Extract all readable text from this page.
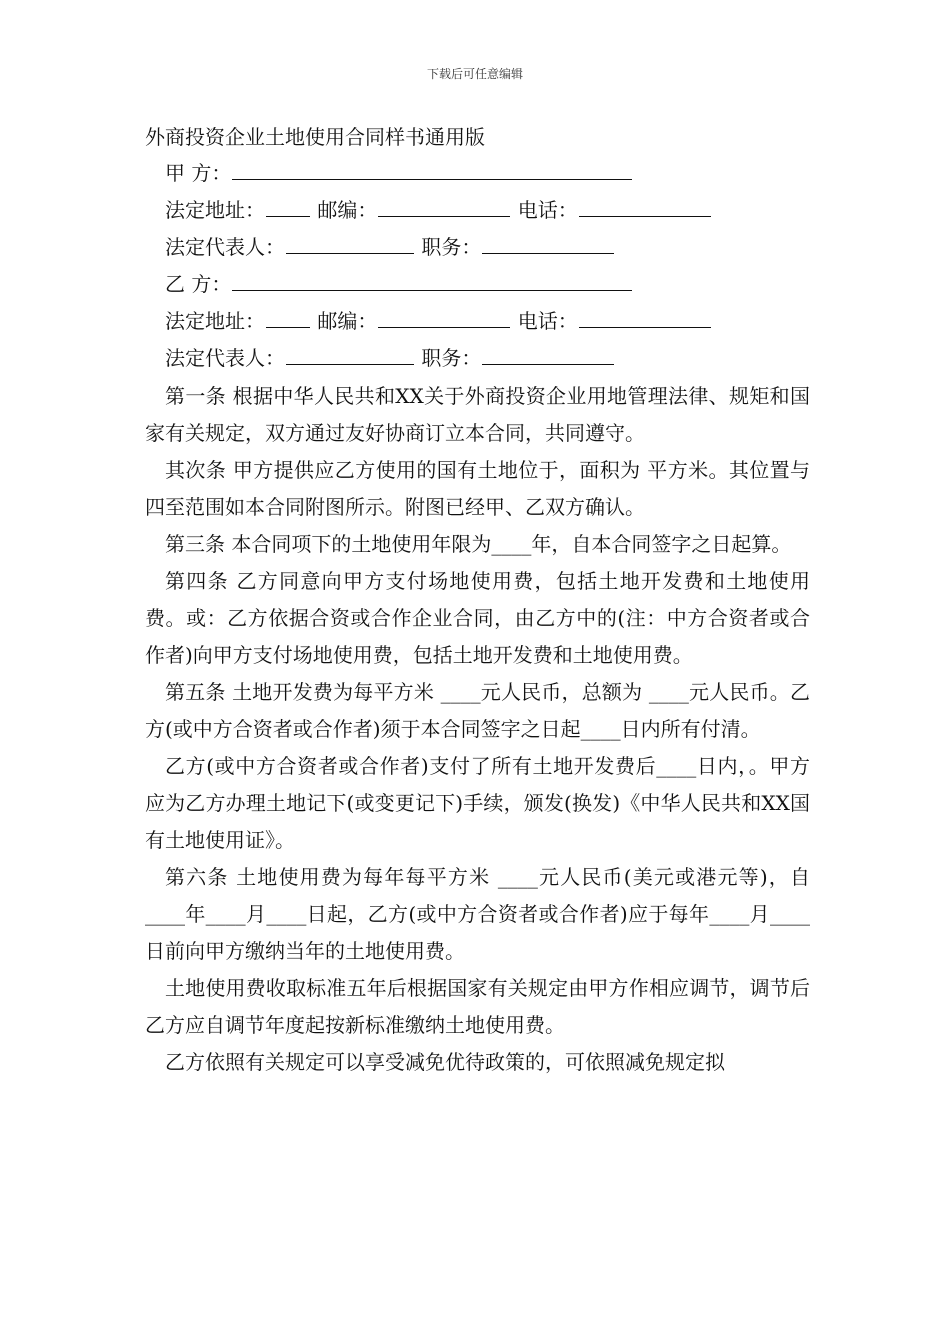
下载后可任意编辑
外商投资企业土地使用合同样书通用版
甲 方：
法定地址：	邮编：	电话：
法定代表人：	职务：
乙 方：
法定地址：	邮编：	电话：
法定代表人：	职务：

第一条 根据中华人民共和XX关于外商投资企业用地管理法律、规矩和国家有关规定，双方通过友好协商订立本合同，共同遵守。

其次条 甲方提供应乙方使用的国有土地位于，面积为 平方米。其位置与四至范围如本合同附图所示。附图已经甲、乙双方确认。

第三条 本合同项下的土地使用年限为____年，自本合同签字之日起算。

第四条 乙方同意向甲方支付场地使用费，包括土地开发费和土地使用费。或：乙方依据合资或合作企业合同，由乙方中的(注：中方合资者或合作者)向甲方支付场地使用费，包括土地开发费和土地使用费。

第五条 土地开发费为每平方米 ____元人民币，总额为 ____元人民币。乙方(或中方合资者或合作者)须于本合同签字之日起____日内所有付清。

乙方(或中方合资者或合作者)支付了所有土地开发费后____日内，。甲方应为乙方办理土地记下(或变更记下)手续，颁发(换发)《中华人民共和XX国有土地使用证》。

第六条 土地使用费为每年每平方米 ____元人民币(美元或港元等)，自 ____年____月____日起，乙方(或中方合资者或合作者)应于每年____月____日前向甲方缴纳当年的土地使用费。

土地使用费收取标准五年后根据国家有关规定由甲方作相应调节，调节后乙方应自调节年度起按新标准缴纳土地使用费。

乙方依照有关规定可以享受减免优待政策的，可依照减免规定拟
